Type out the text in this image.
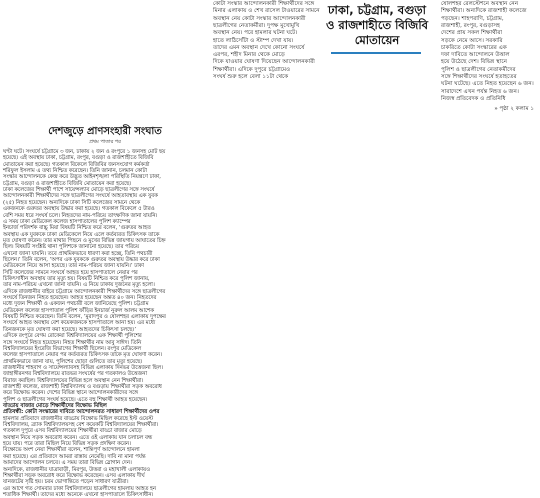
কোটা সংস্কার আন্দোলনকারী শিক্ষার্থীদের সঙ্গে
মিনার এলাকায় ও শেখ রাসেল টাওয়ারের সামনে
অবস্থান নেয় কোটা সংস্কার আন্দোলনকারী
ছাত্রলীগের নেতাকর্মীরা। দুপক্ষ মুখোমুখি
অবস্থান নেয়। পরে হামলার ঘটনা ঘটে।
হাতে লাঠিসোঁটা ও স্টাম্প দেখা যায়।
তাদের এমন অবস্থান দেখে কোনো সংঘর্ষে
এরপর, শহীদ মিনার থেকে মোড়ে
দিকে যাওয়ার ঘোষণা দিয়েছেন আন্দোলনকারী
শিক্ষার্থীরা। এদিকে দুপুরে চট্টগ্রামেও
সংঘর্ষ শুরু হলে বেলা ১১টা থেকে
ঢাকা, চট্টগ্রাম, বগুড়া
ও রাজশাহীতে বিজিবি
মোতায়েন
ষোলশহর রেলস্টেশনে অবস্থান নেন
শিক্ষার্থীরা। অন্যদিকে রাজশাহী কলেজে
পড়ছেন। শাহপরাণি, চট্টগ্রাম,
রাজশাহী, রংপুর, বগুড়াসহ
দেশের প্রায় সকল শিক্ষার্থীরা
সড়কে নেমে আসে। সরকারি
চাকরিতে কোটা সংস্কারের এক
দফা দাবিতে আন্দোলনে উত্তাল
হয়ে উঠেছে দেশ। বিভিন্ন স্থানে
পুলিশ ও ছাত্রলীগের নেতাকর্মীদের
সঙ্গে শিক্ষার্থীদের সংঘর্ষে হতাহতের
ঘটনা ঘটেছে। এতে নিহত হয়েছেন ৬ জন।
সারাদেশে এখন পর্যন্ত নিহত ৬ জন।
নিজস্ব প্রতিবেদক ও প্রতিনিধি
» পৃষ্ঠা ২ কলাম ১
দেশজুড়ে প্রাণসংহারী সংঘাত
প্রথম পাতার পর
ঘণ্টা ঘটে। সংঘর্ষে চট্টগ্রামে ৩ জন, ঢাকায় ২ জন ও রংপুরে ১ জনসহ মোট ছয়
হয়েছে। এই অবস্থায় ঢাকা, চট্টগ্রাম, রংপুর, বগুড়া ও রাজশাহীতে বিজিবি
মোতায়েন করা হয়েছে। গতকাল বিকেলে বিজিবির জনসংযোগ কর্মকর্তা
শরিফুল ইসলাম এ তথ্য নিশ্চিত করেছেন। তিনি জানান, চলমান কোটা
সংস্কার আন্দোলনকে কেন্দ্র করে উদ্ভূত আইনশৃঙ্খলা পরিস্থিতি নিয়ন্ত্রণে ঢাকা,
চট্টগ্রাম, বগুড়া ও রাজশাহীতে বিজিবি মোতায়েন করা হয়েছে।
ঢাকা কলেজের শিক্ষার্থী পাশে সায়েন্সল্যাব মোড়ে ছাত্রলীগের সঙ্গে সংঘর্ষে
আন্দোলনকারী শিক্ষার্থীদের সঙ্গে ছাত্রলীগের সংঘর্ষে আহতাবস্থায় এক যুবক
(২৫) নিহত হয়েছেন। অন্যদিকে ঢাকা সিটি কলেজের সামনে থেকে
একজনকে গুরুতর অবস্থায় উদ্ধার করা হয়েছে। গতকাল বিকেলে ৫ টারও
বেশি সময় ধরে সংঘর্ষ চলে। নিহতদের নাম-পরিচয় তাৎক্ষণিক জানা যায়নি।
এ সময় ঢাকা মেডিকেল কলেজ হাসপাতালের পুলিশ ক্যাম্পের
ইনচার্জ পরিদর্শক বাচ্চু মিয়া বিষয়টি নিশ্চিত করে বলেন, ‘গুরুতর আহত
অবস্থায় এক যুবককে ঢাকা মেডিকেলে নিয়ে এলে কর্তব্যরত চিকিৎসক তাকে
মৃত ঘোষণা করেন। তার মাথার পিছনে ও মুখের বিভিন্ন জায়গায় আঘাতের চিহ্ন
ছিল। বিষয়টি সংশ্লিষ্ট থানা পুলিশকে জানানো হয়েছে। তার পরিচয়
এখনো জানা যায়নি। তবে প্রাথমিকভাবে ধারণা করা হচ্ছে, তিনি পথচারী
ছিলেন।’ তিনি বলেন, ‘অপর এক যুবককে গুরুতর অবস্থায় উদ্ধার করে ঢাকা
মেডিকেলে নিয়ে আসা হয়েছে। তার নাম-পরিচয় জানা যায়নি।’ ঢাকা
সিটি কলেজের সামনে সংঘর্ষে আহত হয়ে হাসপাতালে নেয়ার পর
চিকিৎসাধীন অবস্থায় তার মৃত্যু হয়। বিষয়টি নিশ্চিত করে পুলিশ জানায়,
তার নাম-পরিচয় এখনো জানা যায়নি। এ নিয়ে ঢাকায় দুজনের মৃত্যু হলো।
এদিকে রাজধানীর বাইরে চট্টগ্রামে আন্দোলনকারী শিক্ষার্থীদের সঙ্গে ছাত্রলীগের
সংঘর্ষে তিনজন নিহত হয়েছেন। আহত হয়েছেন অন্তত ৪০ জন। নিহতদের
মধ্যে দুজন শিক্ষার্থী ও একজন পথচারী বলে জানিয়েছে পুলিশ। চট্টগ্রাম
মেডিকেল কলেজ হাসপাতাল পুলিশ ফাঁড়ির ইনচার্জ নুরুল আলম আশেক
বিষয়টি নিশ্চিত করেছেন। তিনি বলেন, ‘মুরাদপুর ও ষোলশহর এলাকায় দুপক্ষের
সংঘর্ষে আহত অবস্থায় বেশ কয়েকজনকে হাসপাতালে আনা হয়। এর মধ্যে
তিনজনকে মৃত ঘোষণা করা হয়েছে। আহতদের চিকিৎসা চলছে।’
এদিকে রংপুরে বেগম রোকেয়া বিশ্ববিদ্যালয়ের এক শিক্ষার্থী পুলিশের
সঙ্গে সংঘর্ষে নিহত হয়েছেন। নিহত শিক্ষার্থীর নাম আবু সাঈদ। তিনি
বিশ্ববিদ্যালয়ের ইংরেজি বিভাগের শিক্ষার্থী ছিলেন। রংপুর মেডিকেল
কলেজ হাসপাতালে নেয়ার পর কর্তব্যরত চিকিৎসক তাকে মৃত ঘোষণা করেন।
প্রাথমিকভাবে জানা যায়, পুলিশের ছোড়া গুলিতে তার মৃত্যু হয়েছে।
রাজধানীর শাহবাগ ও সায়েন্সল্যাবসহ বিভিন্ন এলাকায় দিনভর উত্তেজনা ছিল।
জাহাঙ্গীরনগর বিশ্ববিদ্যালয়ে রাতভর সংঘর্ষের পর গতকালও উত্তেজনা
বিরাজ করছিল। বিশ্ববিদ্যালয়ের বিভিন্ন হলে অবস্থান নেন শিক্ষার্থীরা।
রাজশাহী কলেজ, রাজশাহী বিশ্ববিদ্যালয় ও বগুড়ায় শিক্ষার্থীরা সড়ক অবরোধ
করে বিক্ষোভ করেন। দেশের বিভিন্ন স্থানে আন্দোলনকারীদের সঙ্গে
পুলিশ ও ছাত্রলীগের সংঘর্ষ হয়েছে। এতে বহু শিক্ষার্থী আহত হয়েছেন।
বাড্ডায় বাজার মোড়ে শিক্ষার্থীদের বিক্ষোভ মিছিল
প্রতিবন্ধী: কোটা সংস্কারের দাবিতে আন্দোলনরত সাধারণ শিক্ষার্থীদের ওপর
হামলার প্রতিবাদে রাজধানীর বাড্ডায় বিক্ষোভ মিছিল করেছে ইস্ট ওয়েস্ট
বিশ্ববিদ্যালয়, ব্র্যাক বিশ্ববিদ্যালয়সহ বেশ কয়েকটি বিশ্ববিদ্যালয়ের শিক্ষার্থীরা।
গতকাল দুপুরে এসব বিশ্ববিদ্যালয়ের শিক্ষার্থীরা বাড্ডা বাজার মোড়ে
অবস্থান নিয়ে সড়ক অবরোধ করেন। এতে ওই এলাকায় যান চলাচল বন্ধ
হয়ে যায়। পরে তারা মিছিল নিয়ে বিভিন্ন সড়ক প্রদক্ষিণ করেন।
বিক্ষোভে অংশ নেয়া শিক্ষার্থীরা বলেন, শান্তিপূর্ণ আন্দোলনে হামলা
করা হয়েছে। এর প্রতিবাদে আমরা রাস্তায় নেমেছি। দাবি না মানা পর্যন্ত
আমাদের আন্দোলন চলবে। এ সময় তারা বিভিন্ন স্লোগান দেন।
অন্যদিকে, রাজধানীর যাত্রাবাড়ী, মিরপুর, উত্তরা ও মহাখালী এলাকায়ও
শিক্ষার্থীরা সড়ক অবরোধ করে বিক্ষোভ করেছেন। এসব এলাকায় দীর্ঘ
যানজটের সৃষ্টি হয়। চরম ভোগান্তিতে পড়েন সাধারণ যাত্রীরা।
এর আগে গত সোমবার ঢাকা বিশ্ববিদ্যালয়ে ছাত্রলীগের হামলায় আহত হন
শতাধিক শিক্ষার্থী। তাদের মধ্যে অনেকে এখনো হাসপাতালে চিকিৎসাধীন।
